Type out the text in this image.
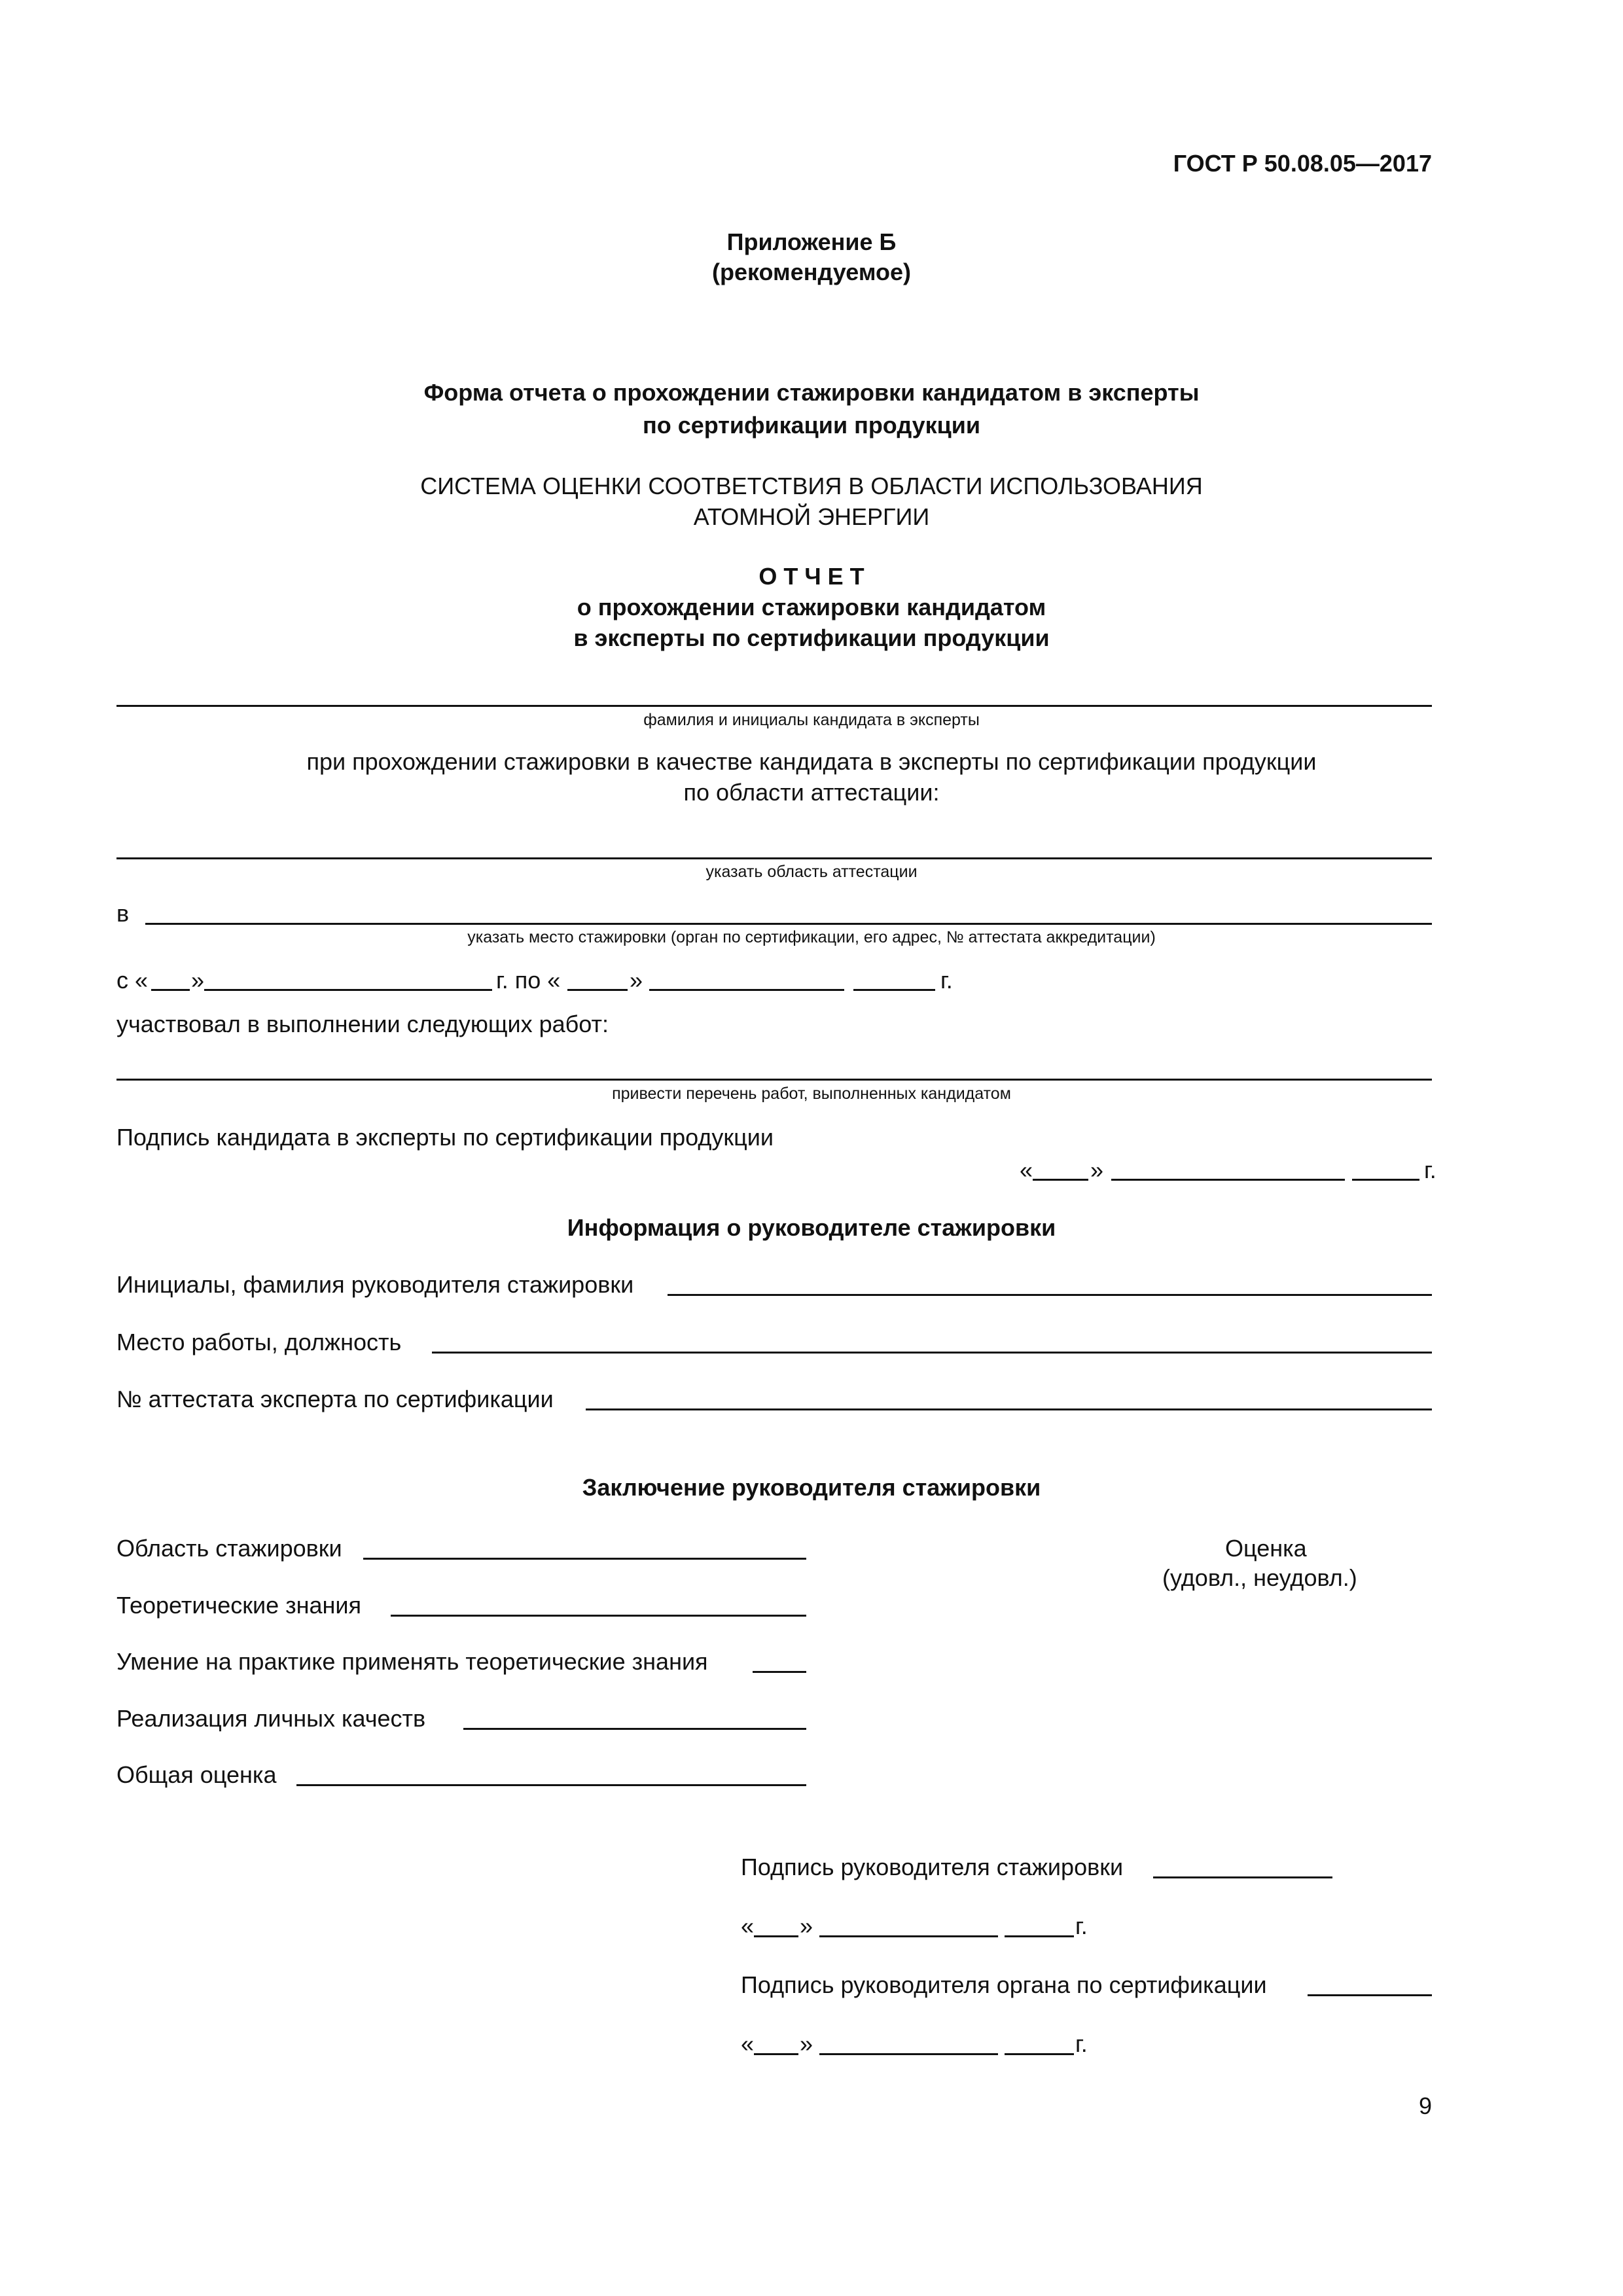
ГОСТ Р 50.08.05—2017
Приложение Б
(рекомендуемое)
Форма отчета о прохождении стажировки кандидатом в эксперты
по сертификации продукции
СИСТЕМА ОЦЕНКИ СООТВЕТСТВИЯ В ОБЛАСТИ ИСПОЛЬЗОВАНИЯ
АТОМНОЙ ЭНЕРГИИ
О Т Ч Е Т
о прохождении стажировки кандидатом
в эксперты по сертификации продукции
фамилия и инициалы кандидата в эксперты
при прохождении стажировки в качестве кандидата в эксперты по сертификации продукции
по области аттестации:
указать область аттестации
в
указать место стажировки (орган по сертификации, его адрес, № аттестата аккредитации)
с « »	г. по «	»	г.
участвовал в выполнении следующих работ:
привести перечень работ, выполненных кандидатом
Подпись кандидата в эксперты по сертификации продукции
« »	г.
Информация о руководителе стажировки
Инициалы, фамилия руководителя стажировки
Место работы, должность
№ аттестата эксперта по сертификации
Заключение руководителя стажировки
Оценка
(удовл., неудовл.)
Область стажировки
Теоретические знания
Умение на практике применять теоретические знания
Реализация личных качеств
Общая оценка
Подпись руководителя стажировки
« »	г.
Подпись руководителя органа по сертификации
« »	г.
9
